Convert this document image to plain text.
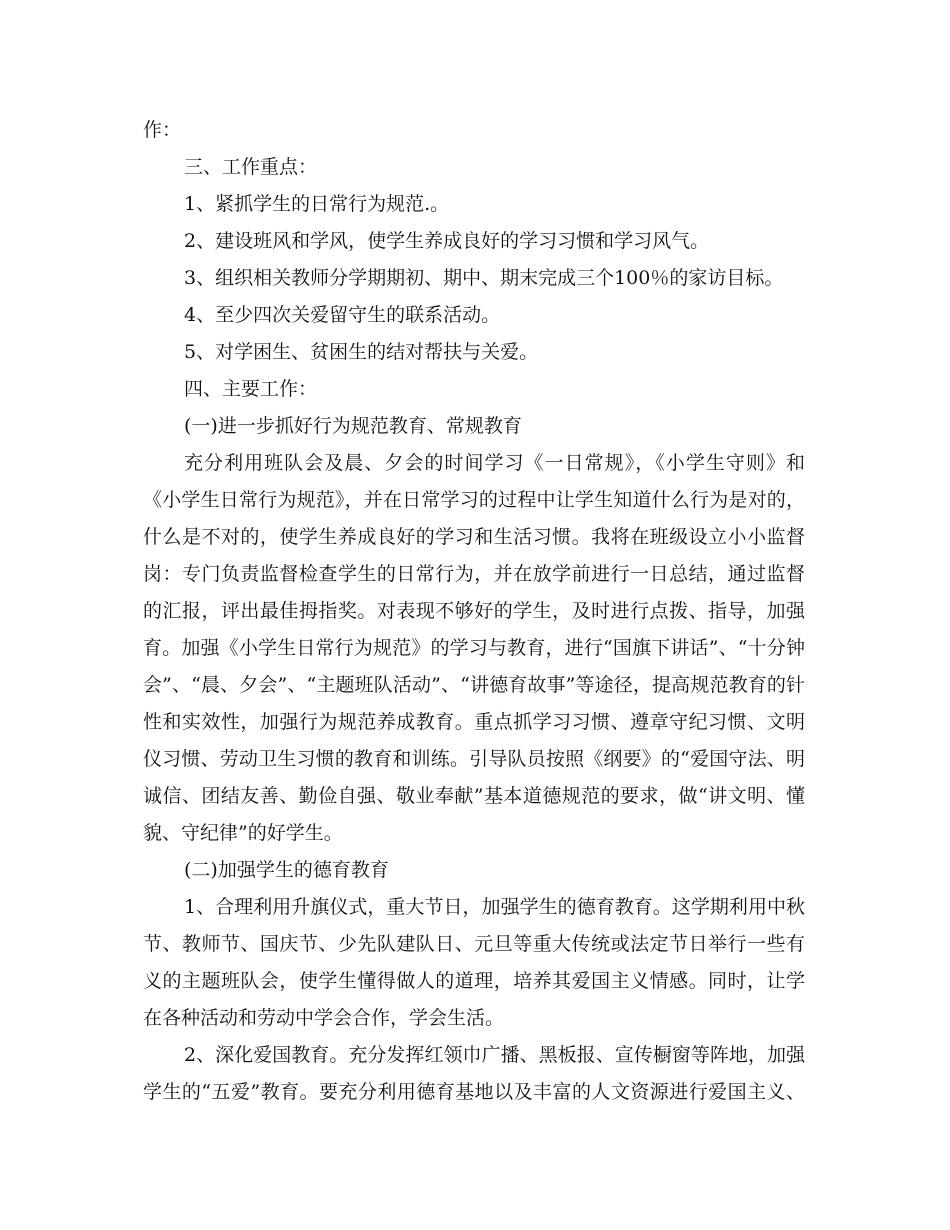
作：
三、工作重点：
1、紧抓学生的日常行为规范.。
2、建设班风和学风，使学生养成良好的学习习惯和学习风气。
3、组织相关教师分学期期初、期中、期末完成三个100％的家访目标。
4、至少四次关爱留守生的联系活动。
5、对学困生、贫困生的结对帮扶与关爱。
四、主要工作：
(一)进一步抓好行为规范教育、常规教育
充分利用班队会及晨、夕会的时间学习《一日常规》，《小学生守则》和
《小学生日常行为规范》，并在日常学习的过程中让学生知道什么行为是对的，
什么是不对的，使学生养成良好的学习和生活习惯。我将在班级设立小小监督
岗：专门负责监督检查学生的日常行为，并在放学前进行一日总结，通过监督
的汇报，评出最佳拇指奖。对表现不够好的学生，及时进行点拨、指导，加强
育。加强《小学生日常行为规范》的学习与教育，进行“国旗下讲话”、“十分钟
会”、“晨、夕会”、“主题班队活动”、“讲德育故事”等途径，提高规范教育的针
性和实效性，加强行为规范养成教育。重点抓学习习惯、遵章守纪习惯、文明
仪习惯、劳动卫生习惯的教育和训练。引导队员按照《纲要》的“爱国守法、明
诚信、团结友善、勤俭自强、敬业奉献”基本道德规范的要求，做“讲文明、懂
貌、守纪律”的好学生。
(二)加强学生的德育教育
1、合理利用升旗仪式，重大节日，加强学生的德育教育。这学期利用中秋
节、教师节、国庆节、少先队建队日、元旦等重大传统或法定节日举行一些有
义的主题班队会，使学生懂得做人的道理，培养其爱国主义情感。同时，让学
在各种活动和劳动中学会合作，学会生活。
2、深化爱国教育。充分发挥红领巾广播、黑板报、宣传橱窗等阵地，加强
学生的“五爱”教育。要充分利用德育基地以及丰富的人文资源进行爱国主义、
